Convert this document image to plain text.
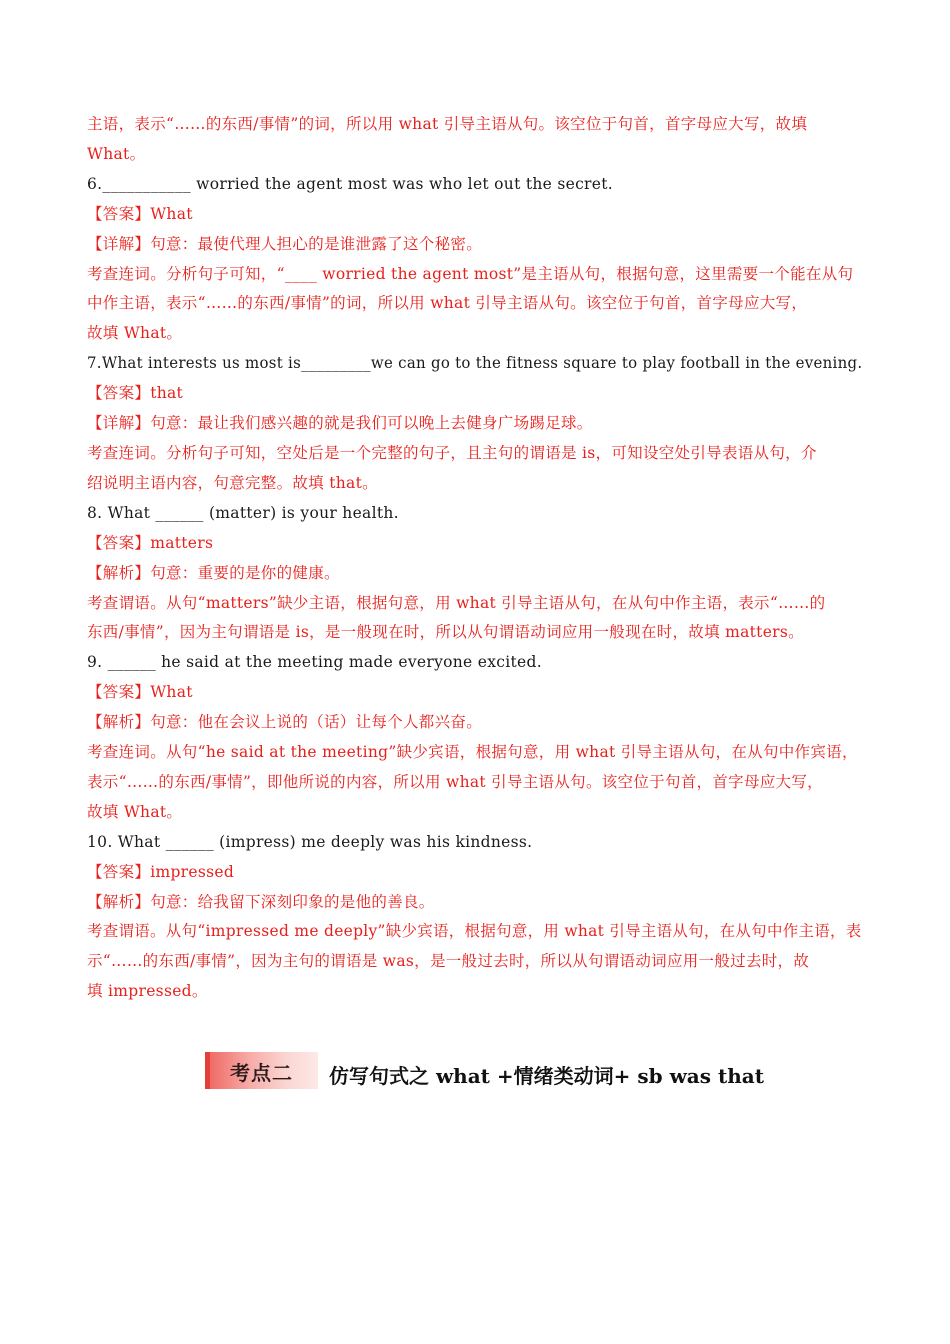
主语，表示“……的东西/事情”的词，所以用 what 引导主语从句。该空位于句首，首字母应大写，故填
What。
6.___________ worried the agent most was who let out the secret.
【答案】What
【详解】句意：最使代理人担心的是谁泄露了这个秘密。
考查连词。分析句子可知，“____ worried the agent most”是主语从句，根据句意，这里需要一个能在从句
中作主语，表示“……的东西/事情”的词，所以用 what 引导主语从句。该空位于句首，首字母应大写，
故填 What。
7.What interests us most is_________we can go to the fitness square to play football in the evening.
【答案】that
【详解】句意：最让我们感兴趣的就是我们可以晚上去健身广场踢足球。
考查连词。分析句子可知，空处后是一个完整的句子，且主句的谓语是 is，可知设空处引导表语从句，介
绍说明主语内容，句意完整。故填 that。
8. What ______ (matter) is your health.
【答案】matters
【解析】句意：重要的是你的健康。
考查谓语。从句“matters”缺少主语，根据句意，用 what 引导主语从句，在从句中作主语，表示“……的
东西/事情”，因为主句谓语是 is，是一般现在时，所以从句谓语动词应用一般现在时，故填 matters。
9. ______ he said at the meeting made everyone excited.
【答案】What
【解析】句意：他在会议上说的（话）让每个人都兴奋。
考查连词。从句“he said at the meeting”缺少宾语，根据句意，用 what 引导主语从句，在从句中作宾语，
表示“……的东西/事情”，即他所说的内容，所以用 what 引导主语从句。该空位于句首，首字母应大写，
故填 What。
10. What ______ (impress) me deeply was his kindness.
【答案】impressed
【解析】句意：给我留下深刻印象的是他的善良。
考查谓语。从句“impressed me deeply”缺少宾语，根据句意，用 what 引导主语从句，在从句中作主语，表
示“……的东西/事情”，因为主句的谓语是 was，是一般过去时，所以从句谓语动词应用一般过去时，故
填 impressed。
考点二 仿写句式之 what +情绪类动词+ sb was that
